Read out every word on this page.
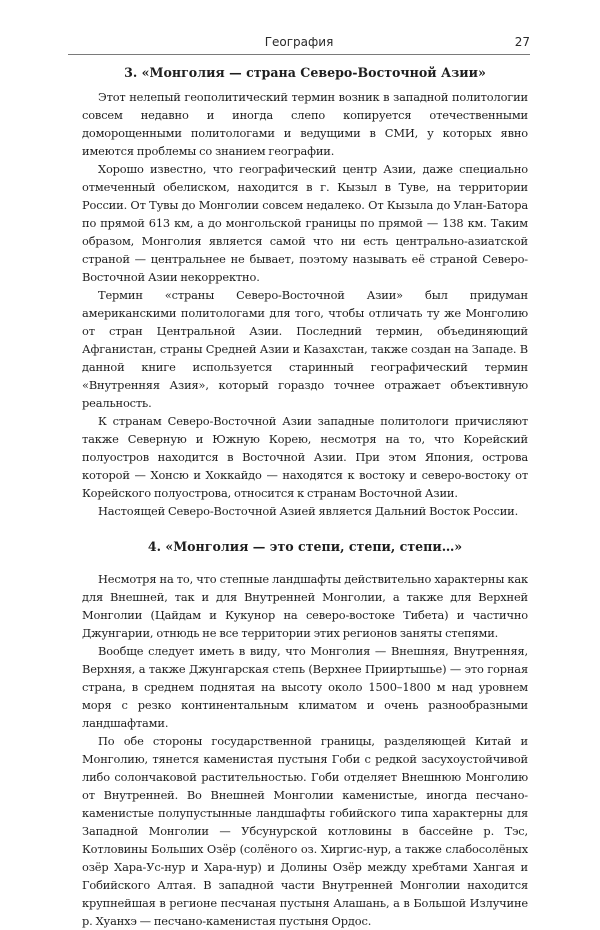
География	27
3. «Монголия — страна Северо-Восточной Азии»

Этот нелепый геополитический термин возник в западной политологии совсем недавно и иногда слепо копируется отечественными доморощенными политологами и ведущими в СМИ, у которых явно имеются проблемы со знанием географии.

Хорошо известно, что географический центр Азии, даже специально отмеченный обелиском, находится в г. Кызыл в Туве, на территории России. От Тувы до Монголии совсем недалеко. От Кызыла до Улан-Батора по прямой 613 км, а до монгольской границы по прямой — 138 км. Таким образом, Монголия является самой что ни есть центрально-азиатской страной — центральнее не бывает, поэтому называть её страной Северо-Восточной Азии некорректно.

Термин «страны Северо-Восточной Азии» был придуман американскими политологами для того, чтобы отличать ту же Монголию от стран Центральной Азии. Последний термин, объединяющий Афганистан, страны Средней Азии и Казахстан, также создан на Западе. В данной книге используется старинный географический термин «Внутренняя Азия», который гораздо точнее отражает объективную реальность.

К странам Северо-Восточной Азии западные политологи причисляют также Северную и Южную Корею, несмотря на то, что Корейский полуостров находится в Восточной Азии. При этом Япония, острова которой — Хонсю и Хоккайдо — находятся к востоку и северо-востоку от Корейского полуострова, относится к странам Восточной Азии.

Настоящей Северо-Восточной Азией является Дальний Восток России.

4. «Монголия — это степи, степи, степи…»

Несмотря на то, что степные ландшафты действительно характерны как для Внешней, так и для Внутренней Монголии, а также для Верхней Монголии (Цайдам и Кукунор на северо-востоке Тибета) и частично Джунгарии, отнюдь не все территории этих регионов заняты степями.

Вообще следует иметь в виду, что Монголия — Внешняя, Внутренняя, Верхняя, а также Джунгарская степь (Верхнее Прииртышье) — это горная страна, в среднем поднятая на высоту около 1500–1800 м над уровнем моря с резко континентальным климатом и очень разнообразными ландшафтами.

По обе стороны государственной границы, разделяющей Китай и Монголию, тянется каменистая пустыня Гоби с редкой засухоустойчивой либо солончаковой растительностью. Гоби отделяет Внешнюю Монголию от Внутренней. Во Внешней Монголии каменистые, иногда песчано-каменистые полупустынные ландшафты гобийского типа характерны для Западной Монголии — Убсунурской котловины в бассейне р. Тэс, Котловины Больших Озёр (солёного оз. Хиргис-нур, а также слабосолёных озёр Хара-Ус-нур и Хара-нур) и Долины Озёр между хребтами Хангая и Гобийского Алтая. В западной части Внутренней Монголии находится крупнейшая в регионе песчаная пустыня Алашань, а в Большой Излучине р. Хуанхэ — песчано-каменистая пустыня Ордос.
